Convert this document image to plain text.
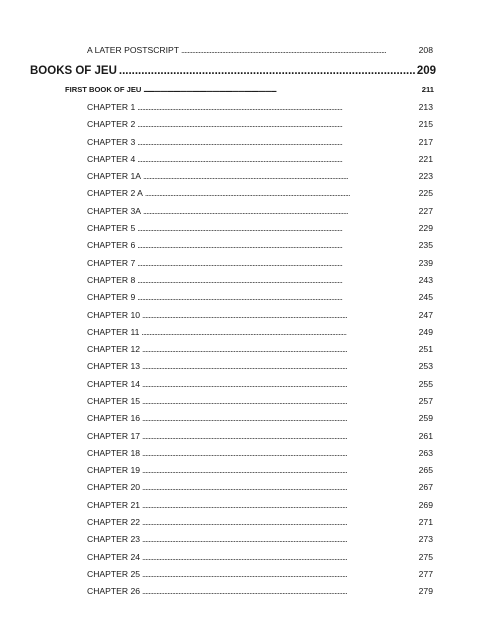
A LATER POSTSCRIPT . . .	208
BOOKS OF JEU . . .	209
FIRST BOOK OF JEU . . .	211
CHAPTER 1 . . .	213
CHAPTER 2 . . .	215
CHAPTER 3 . . .	217
CHAPTER 4 . . .	221
CHAPTER 1A . . .	223
CHAPTER 2 A . . .	225
CHAPTER 3A . . .	227
CHAPTER 5 . . .	229
CHAPTER 6 . . .	235
CHAPTER 7 . . .	239
CHAPTER 8 . . .	243
CHAPTER 9 . . .	245
CHAPTER 10 . . .	247
CHAPTER 11 . . .	249
CHAPTER 12 . . .	251
CHAPTER 13 . . .	253
CHAPTER 14 . . .	255
CHAPTER 15 . . .	257
CHAPTER 16 . . .	259
CHAPTER 17 . . .	261
CHAPTER 18 . . .	263
CHAPTER 19 . . .	265
CHAPTER 20 . . .	267
CHAPTER 21 . . .	269
CHAPTER 22 . . .	271
CHAPTER 23 . . .	273
CHAPTER 24 . . .	275
CHAPTER 25 . . .	277
CHAPTER 26 . . .	279
